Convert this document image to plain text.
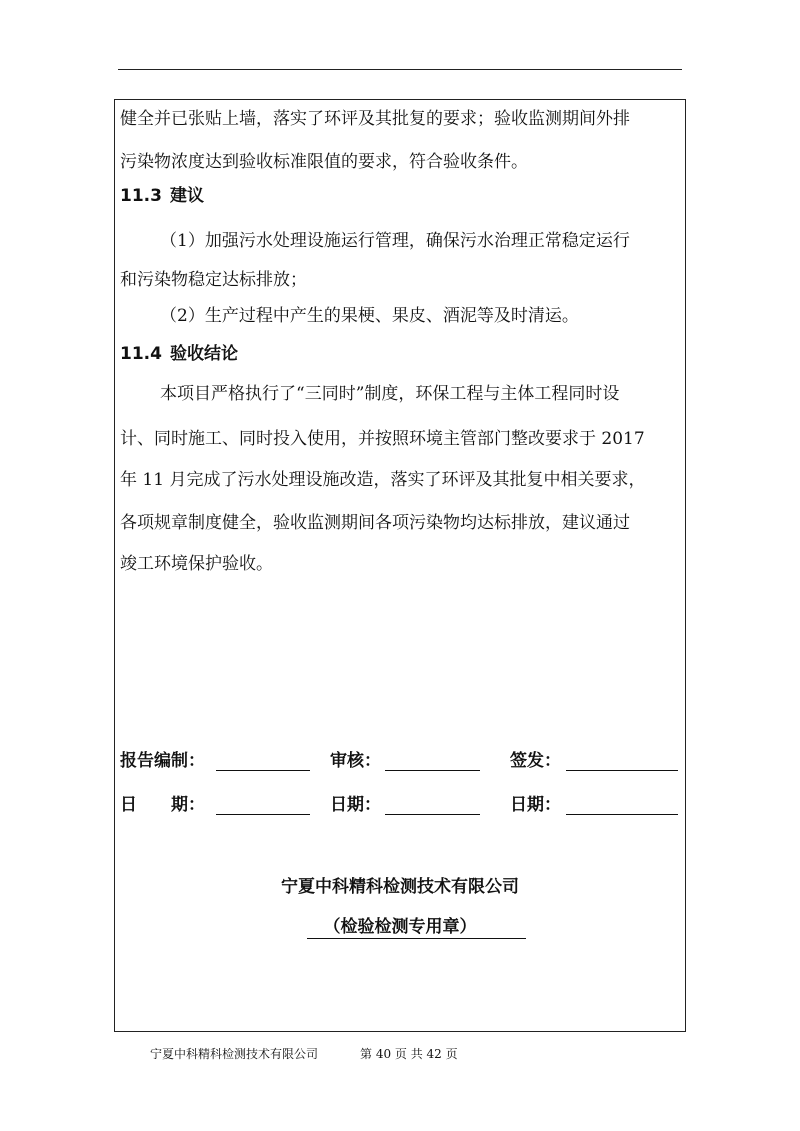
健全并已张贴上墙，落实了环评及其批复的要求；验收监测期间外排
污染物浓度达到验收标准限值的要求，符合验收条件。
11.3 建议
（1）加强污水处理设施运行管理，确保污水治理正常稳定运行
和污染物稳定达标排放；
（2）生产过程中产生的果梗、果皮、酒泥等及时清运。
11.4 验收结论
本项目严格执行了“三同时”制度，环保工程与主体工程同时设
计、同时施工、同时投入使用，并按照环境主管部门整改要求于 2017
年 11 月完成了污水处理设施改造，落实了环评及其批复中相关要求，
各项规章制度健全，验收监测期间各项污染物均达标排放，建议通过
竣工环境保护验收。
报告编制：	审核：	签发：
日　　期：	日期：	日期：
宁夏中科精科检测技术有限公司
（检验检测专用章）
宁夏中科精科检测技术有限公司	第 40 页 共 42 页
